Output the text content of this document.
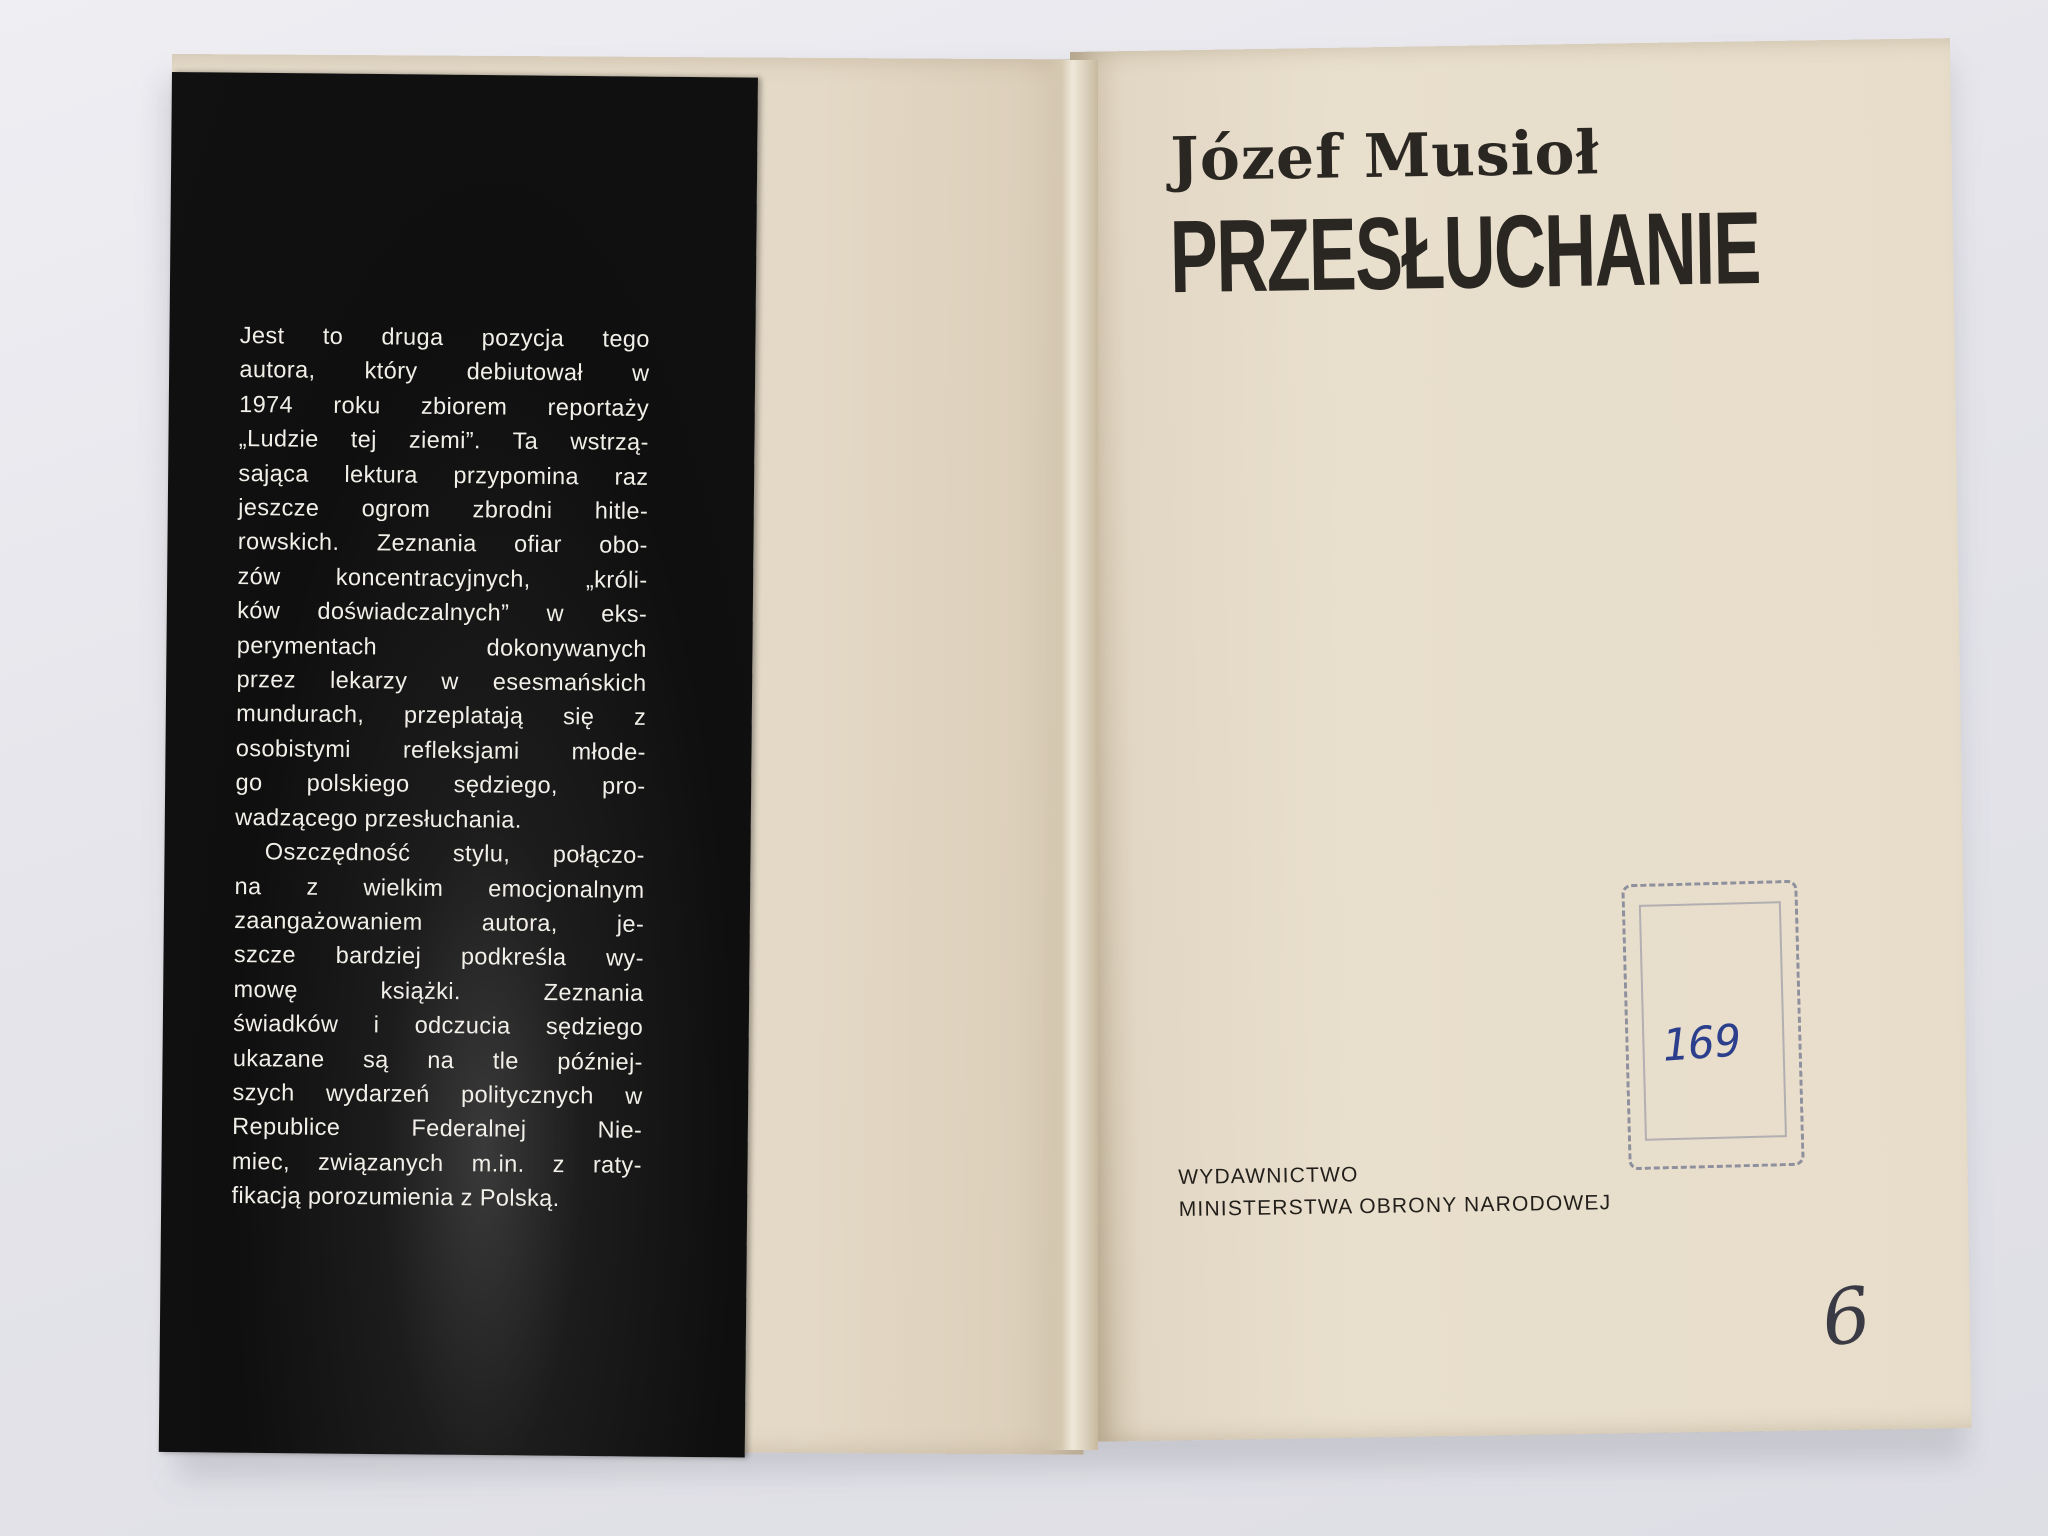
Jest to druga pozycja tego
autora, który debiutował w
1974 roku zbiorem reportaży
„Ludzie tej ziemi”. Ta wstrzą-
sająca lektura przypomina raz
jeszcze ogrom zbrodni hitle-
rowskich. Zeznania ofiar obo-
zów koncentracyjnych, „króli-
ków doświadczalnych” w eks-
perymentach dokonywanych
przez lekarzy w esesmańskich
mundurach, przeplatają się z
osobistymi refleksjami młode-
go polskiego sędziego, pro-
wadzącego przesłuchania.
Oszczędność stylu, połączo-
na z wielkim emocjonalnym
zaangażowaniem autora, je-
szcze bardziej podkreśla wy-
mowę książki. Zeznania
świadków i odczucia sędziego
ukazane są na tle później-
szych wydarzeń politycznych w
Republice Federalnej Nie-
miec, związanych m.in. z raty-
fikacją porozumienia z Polską.
Józef Musioł
PRZESŁUCHANIE
WYDAWNICTWO
MINISTERSTWA OBRONY NARODOWEJ
169
6
